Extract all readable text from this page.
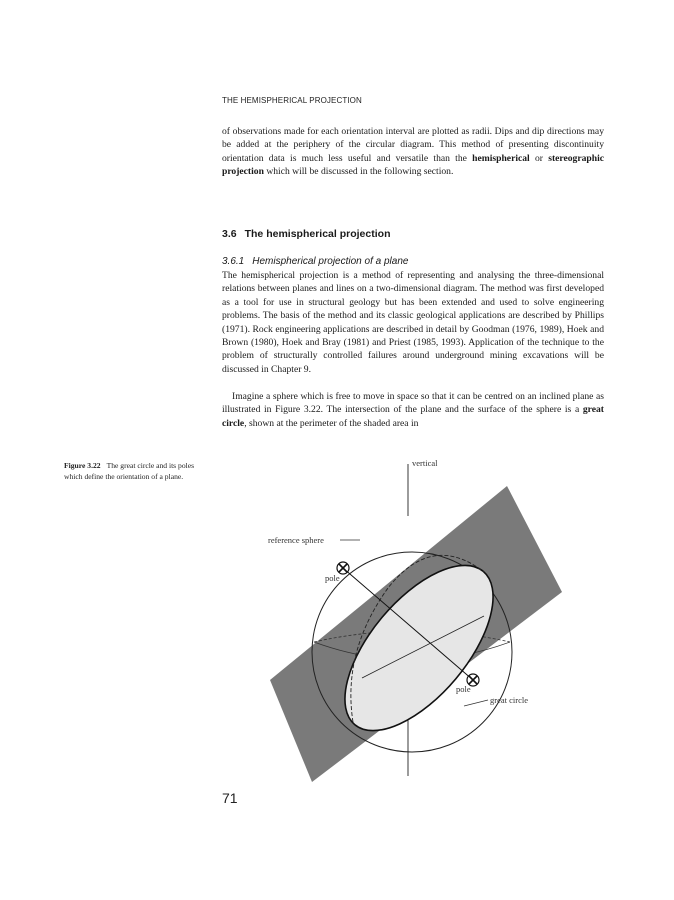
THE HEMISPHERICAL PROJECTION

of observations made for each orientation interval are plotted as radii. Dips and dip directions may be added at the periphery of the circular diagram. This method of presenting discontinuity orientation data is much less useful and versatile than the hemispherical or stereographic projection which will be discussed in the following section.

3.6 The hemispherical projection
3.6.1 Hemispherical projection of a plane

The hemispherical projection is a method of representing and analysing the three-dimensional relations between planes and lines on a two-dimensional diagram. The method was first developed as a tool for use in structural geology but has been extended and used to solve engineering problems. The basis of the method and its classic geological applications are described by Phillips (1971). Rock engineering applications are described in detail by Goodman (1976, 1989), Hoek and Brown (1980), Hoek and Bray (1981) and Priest (1985, 1993). Application of the technique to the problem of structurally controlled failures around underground mining excavations will be discussed in Chapter 9.

Imagine a sphere which is free to move in space so that it can be centred on an inclined plane as illustrated in Figure 3.22. The intersection of the plane and the surface of the sphere is a great circle, shown at the perimeter of the shaded area in

Figure 3.22 The great circle and its poles which define the orientation of a plane.
vertical
reference sphere
pole
pole
great circle
71
